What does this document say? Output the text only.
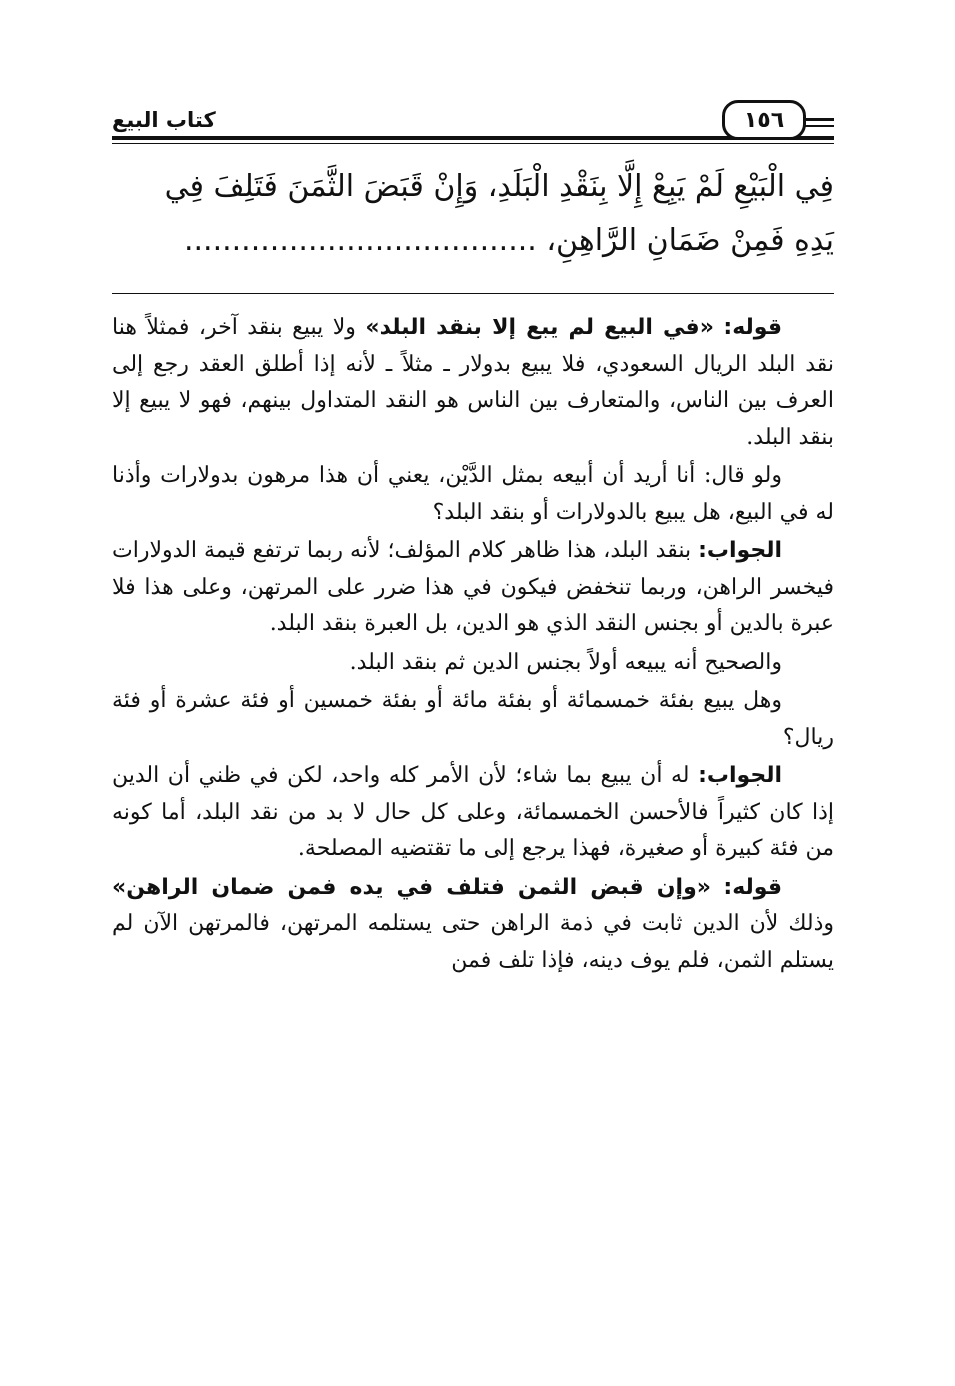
كتاب البيع	١٥٦
فِي الْبَيْعِ لَمْ يَبِعْ إِلَّا بِنَقْدِ الْبَلَدِ، وَإِنْ قَبَضَ الثَّمَنَ فَتَلِفَ فِي
يَدِهِ فَمِنْ ضَمَانِ الرَّاهِنِ، .....................................

قوله: «في البيع لم يبع إلا بنقد البلد» ولا يبيع بنقد آخر، فمثلاً هنا نقد البلد الريال السعودي، فلا يبيع بدولار ـ مثلاً ـ لأنه إذا أطلق العقد رجع إلى العرف بين الناس، والمتعارف بين الناس هو النقد المتداول بينهم، فهو لا يبيع إلا بنقد البلد.

ولو قال: أنا أريد أن أبيعه بمثل الدَّيْن، يعني أن هذا مرهون بدولارات وأذنا له في البيع، هل يبيع بالدولارات أو بنقد البلد؟

الجواب: بنقد البلد، هذا ظاهر كلام المؤلف؛ لأنه ربما ترتفع قيمة الدولارات فيخسر الراهن، وربما تنخفض فيكون في هذا ضرر على المرتهن، وعلى هذا فلا عبرة بالدين أو بجنس النقد الذي هو الدين، بل العبرة بنقد البلد.

والصحيح أنه يبيعه أولاً بجنس الدين ثم بنقد البلد.

وهل يبيع بفئة خمسمائة أو بفئة مائة أو بفئة خمسين أو فئة عشرة أو فئة ريال؟

الجواب: له أن يبيع بما شاء؛ لأن الأمر كله واحد، لكن في ظني أن الدين إذا كان كثيراً فالأحسن الخمسمائة، وعلى كل حال لا بد من نقد البلد، أما كونه من فئة كبيرة أو صغيرة، فهذا يرجع إلى ما تقتضيه المصلحة.

قوله: «وإن قبض الثمن فتلف في يده فمن ضمان الراهن» وذلك لأن الدين ثابت في ذمة الراهن حتى يستلمه المرتهن، فالمرتهن الآن لم يستلم الثمن، فلم يوف دينه، فإذا تلف فمن
